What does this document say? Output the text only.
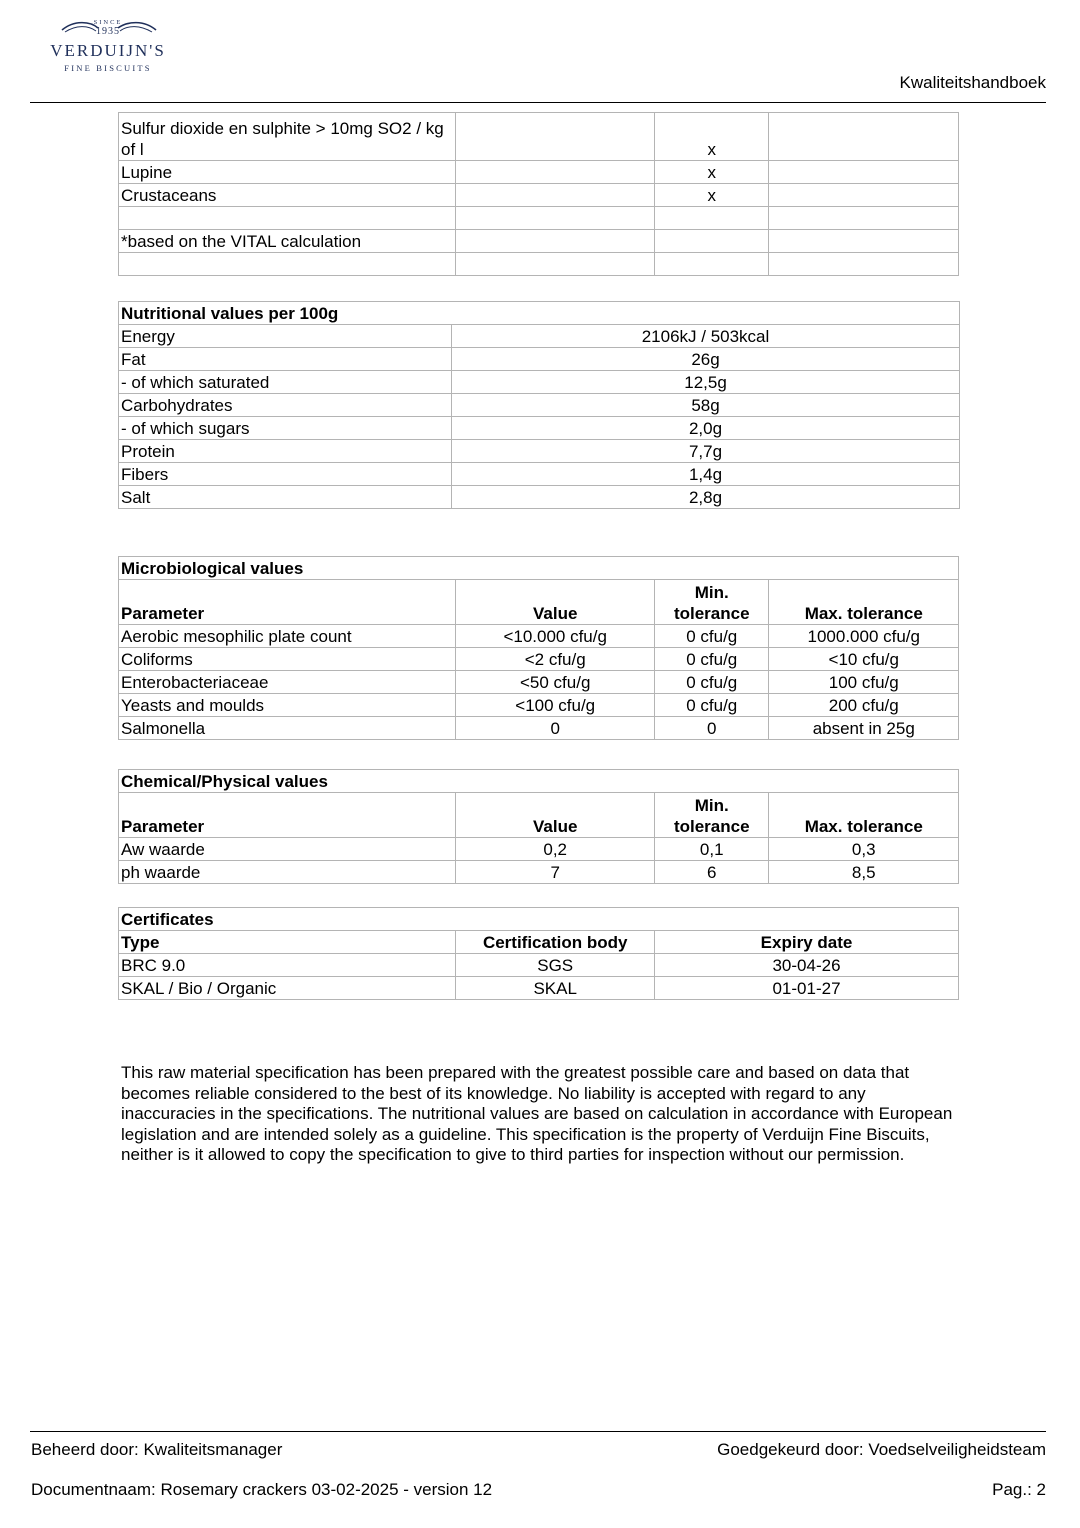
SINCE
1935
VERDUIJN'S
FINE BISCUITS
Kwaliteitshandboek
Sulfur dioxide en sulphite > 10mg SO2 / kg of l		x	
Lupine		x	
Crustaceans		x	

*based on the VITAL calculation			

Nutritional values per 100g	
Energy	2106kJ / 503kcal
Fat	26g
- of which saturated	12,5g
Carbohydrates	58g
- of which sugars	2,0g
Protein	7,7g
Fibers	1,4g
Salt	2,8g
Microbiological values			
Parameter	Value	Min. tolerance	Max. tolerance
Aerobic mesophilic plate count	<10.000 cfu/g	0 cfu/g	1000.000 cfu/g
Coliforms	<2 cfu/g	0 cfu/g	<10 cfu/g
Enterobacteriaceae	<50 cfu/g	0 cfu/g	100 cfu/g
Yeasts and moulds	<100 cfu/g	0 cfu/g	200 cfu/g
Salmonella	0	0	absent in 25g
Chemical/Physical values			
Parameter	Value	Min. tolerance	Max. tolerance
Aw waarde	0,2	0,1	0,3
ph waarde	7	6	8,5
Certificates		
Type	Certification body	Expiry date
BRC 9.0	SGS	30-04-26
SKAL / Bio / Organic	SKAL	01-01-27
This raw material specification has been prepared with the greatest possible care and based on data that becomes reliable considered to the best of its knowledge. No liability is accepted with regard to any inaccuracies in the specifications. The nutritional values are based on calculation in accordance with European legislation and are intended solely as a guideline. This specification is the property of Verduijn Fine Biscuits, neither is it allowed to copy the specification to give to third parties for inspection without our permission.
Beheerd door: Kwaliteitsmanager	Goedgekeurd door: Voedselveiligheidsteam
Documentnaam: Rosemary crackers 03-02-2025 - version 12	Pag.: 2
